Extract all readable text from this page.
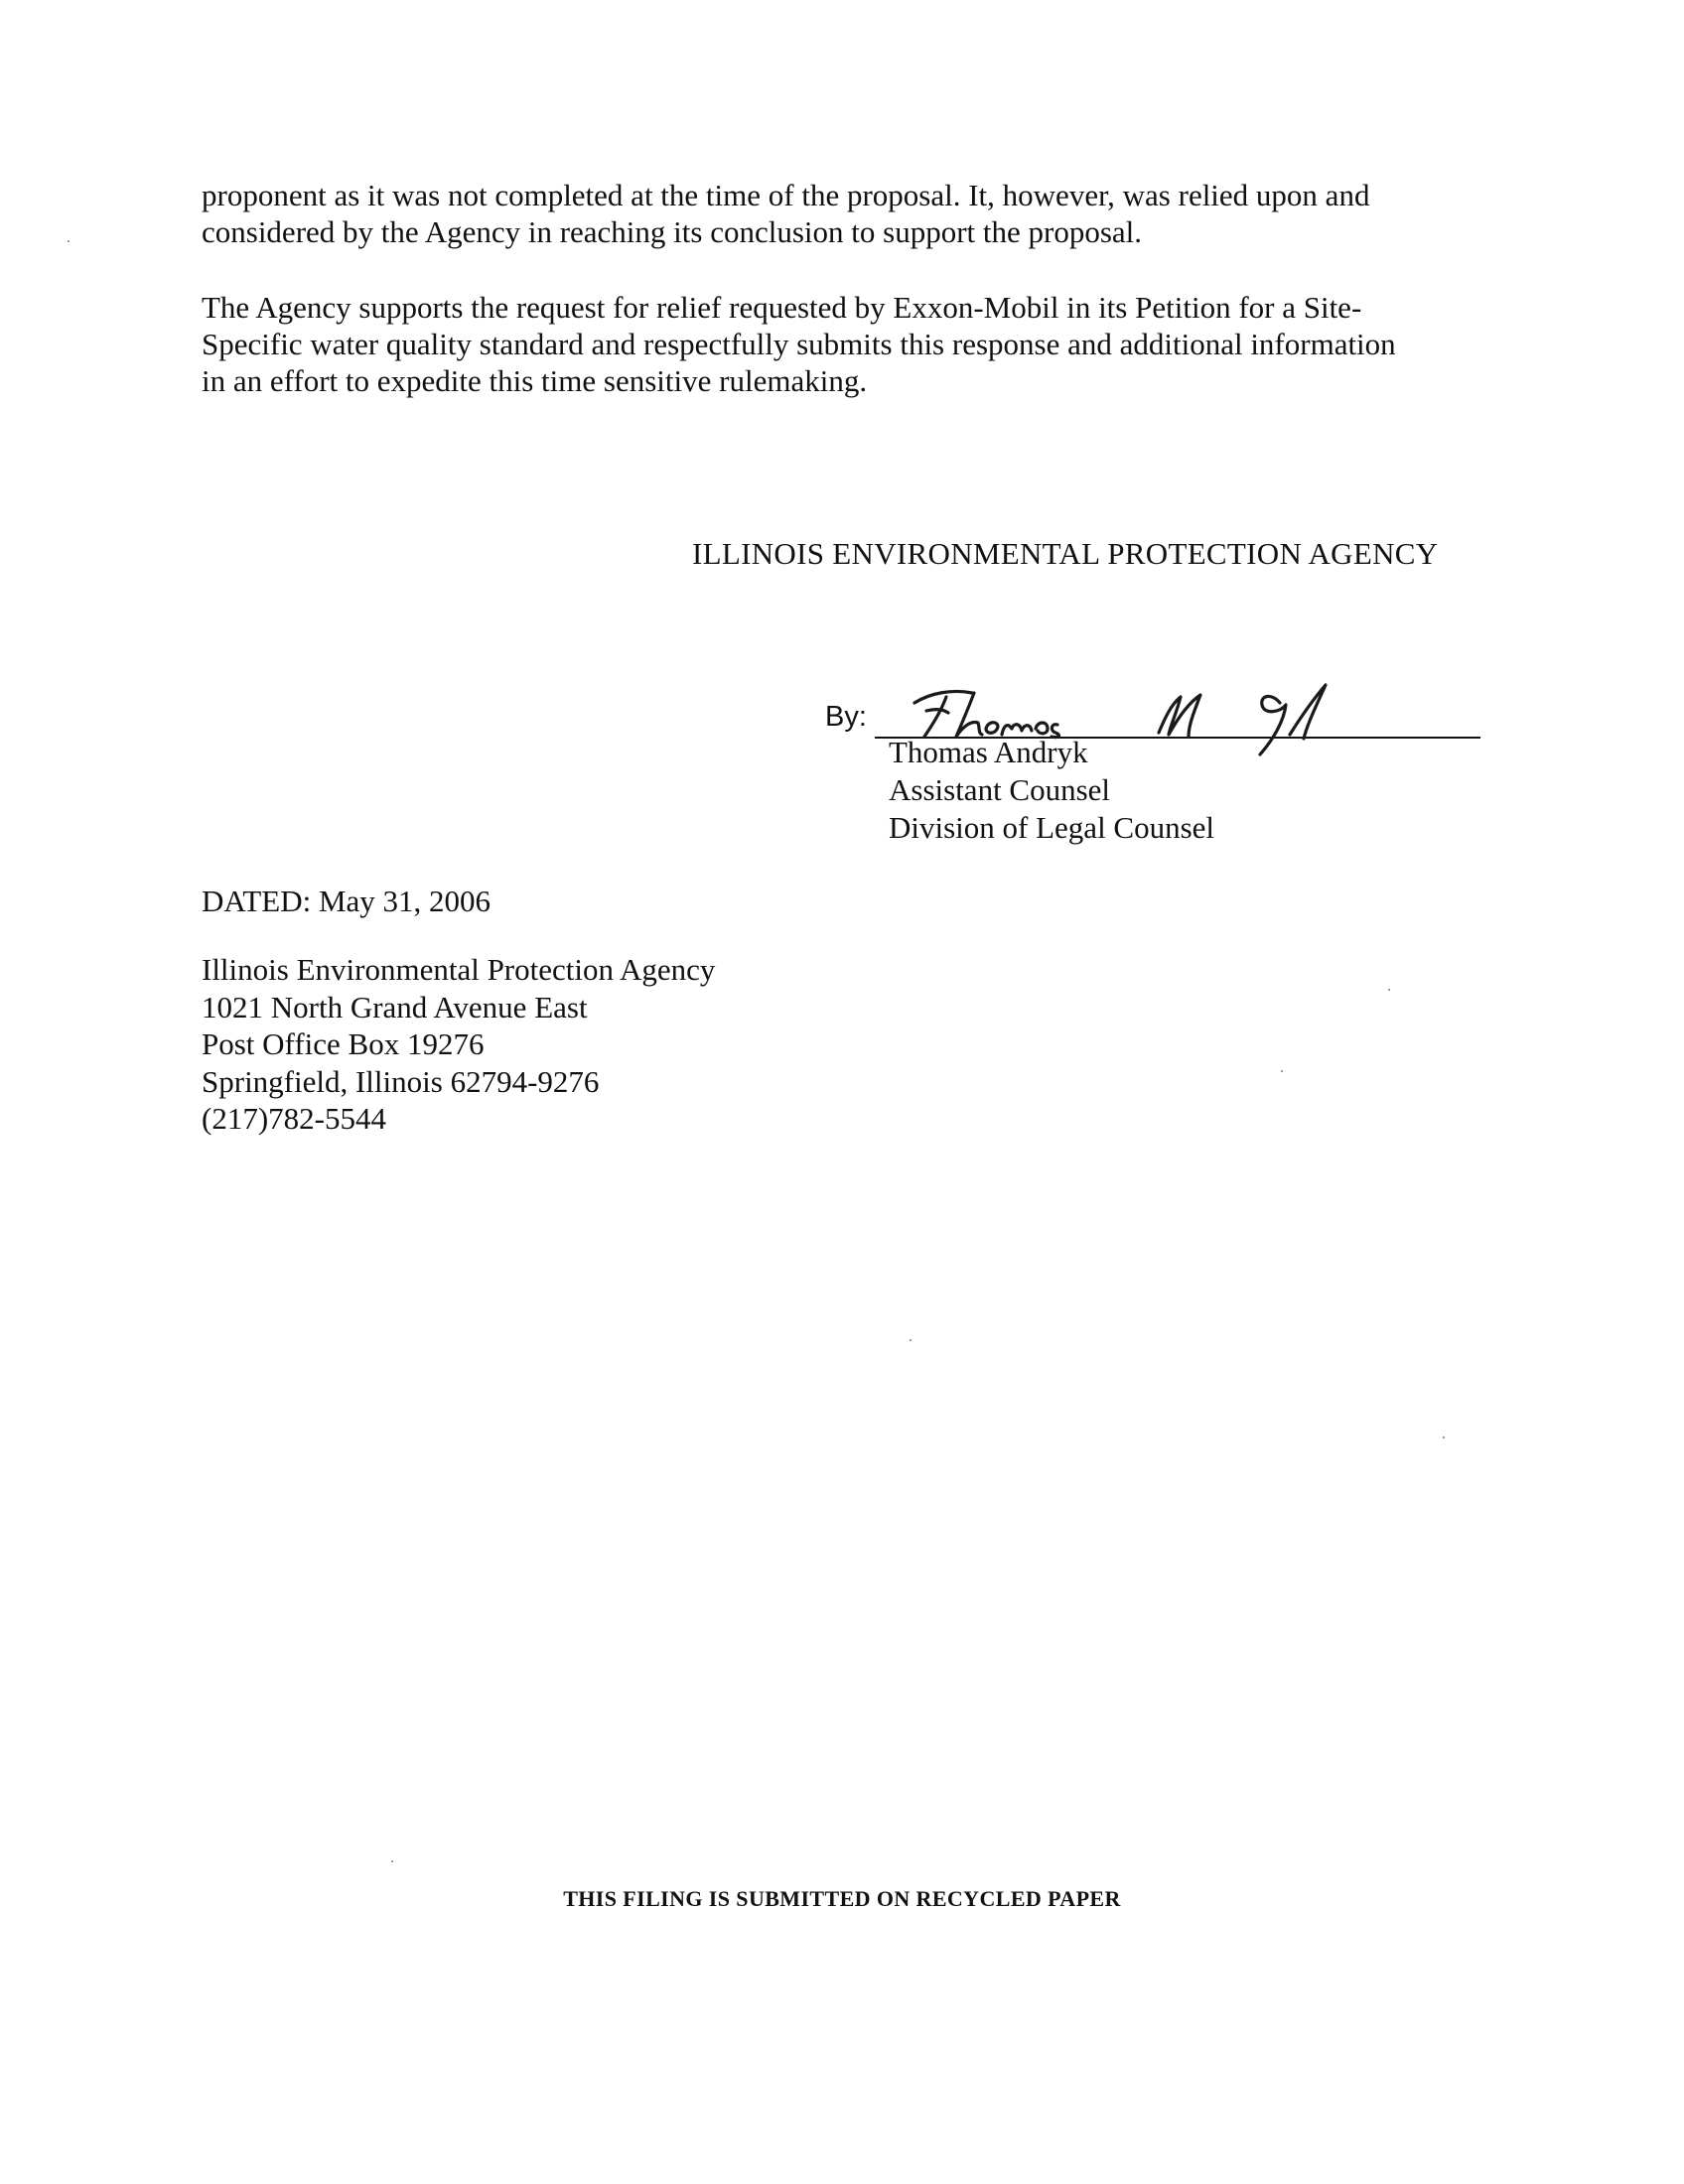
proponent as it was not completed at the time of the proposal. It, however, was relied upon and
considered by the Agency in reaching its conclusion to support the proposal.
The Agency supports the request for relief requested by Exxon-Mobil in its Petition for a Site-
Specific water quality standard and respectfully submits this response and additional information
in an effort to expedite this time sensitive rulemaking.
ILLINOIS ENVIRONMENTAL PROTECTION AGENCY
By:
Thomas Andryk
Assistant Counsel
Division of Legal Counsel
DATED: May 31, 2006
Illinois Environmental Protection Agency
1021 North Grand Avenue East
Post Office Box 19276
Springfield, Illinois 62794-9276
(217)782-5544
THIS FILING IS SUBMITTED ON RECYCLED PAPER
